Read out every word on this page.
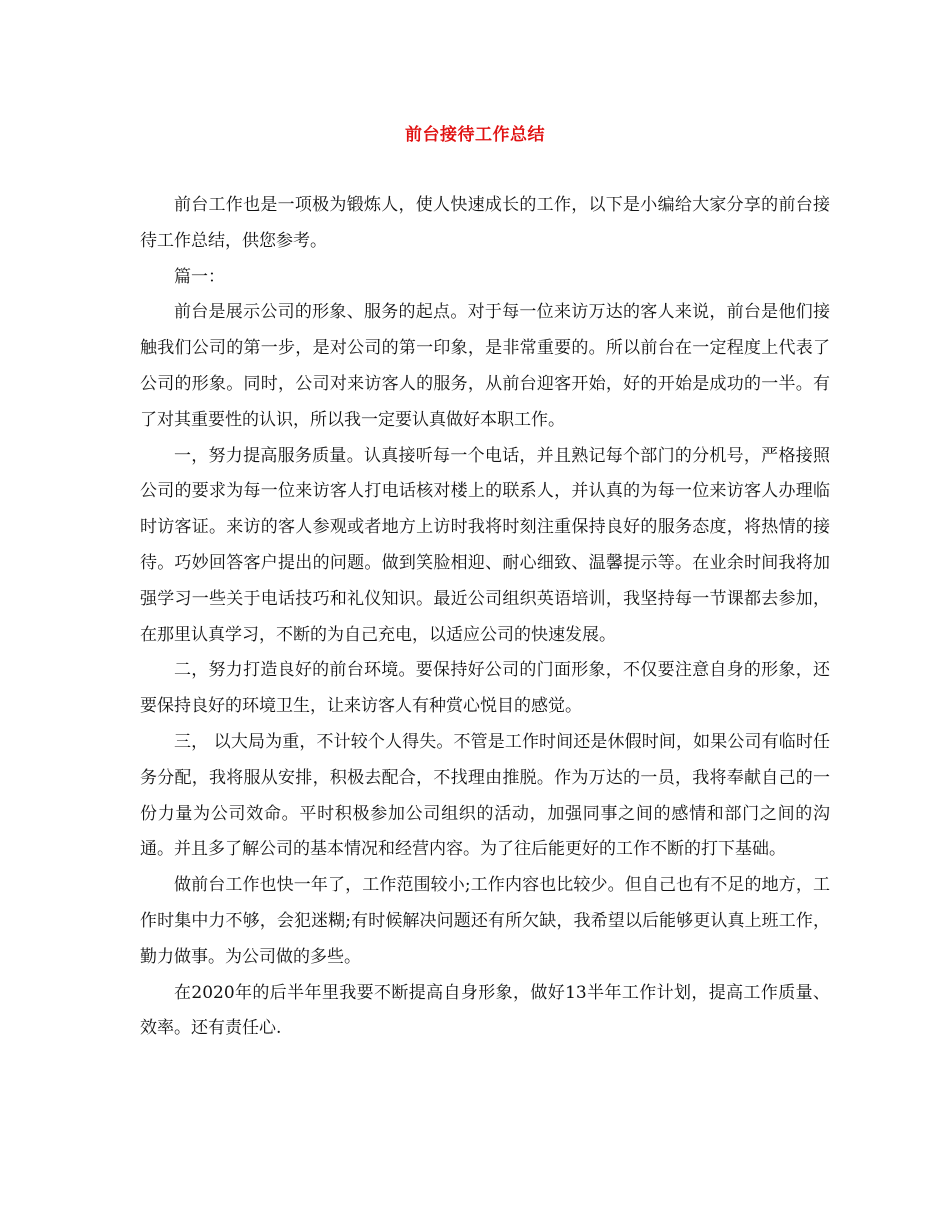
前台接待工作总结

前台工作也是一项极为锻炼人，使人快速成长的工作，以下是小编给大家分享的前台接待工作总结，供您参考。

篇一：

前台是展示公司的形象、服务的起点。对于每一位来访万达的客人来说，前台是他们接触我们公司的第一步，是对公司的第一印象，是非常重要的。所以前台在一定程度上代表了公司的形象。同时，公司对来访客人的服务，从前台迎客开始，好的开始是成功的一半。有了对其重要性的认识，所以我一定要认真做好本职工作。

一，努力提高服务质量。认真接听每一个电话，并且熟记每个部门的分机号，严格接照公司的要求为每一位来访客人打电话核对楼上的联系人，并认真的为每一位来访客人办理临时访客证。来访的客人参观或者地方上访时我将时刻注重保持良好的服务态度，将热情的接待。巧妙回答客户提出的问题。做到笑脸相迎、耐心细致、温馨提示等。在业余时间我将加强学习一些关于电话技巧和礼仪知识。最近公司组织英语培训，我坚持每一节课都去参加，在那里认真学习，不断的为自己充电，以适应公司的快速发展。

二，努力打造良好的前台环境。要保持好公司的门面形象，不仅要注意自身的形象，还要保持良好的环境卫生，让来访客人有种赏心悦目的感觉。

三， 以大局为重，不计较个人得失。不管是工作时间还是休假时间，如果公司有临时任务分配，我将服从安排，积极去配合，不找理由推脱。作为万达的一员，我将奉献自己的一份力量为公司效命。平时积极参加公司组织的活动，加强同事之间的感情和部门之间的沟通。并且多了解公司的基本情况和经营内容。为了往后能更好的工作不断的打下基础。

做前台工作也快一年了，工作范围较小;工作内容也比较少。但自己也有不足的地方，工作时集中力不够，会犯迷糊;有时候解决问题还有所欠缺，我希望以后能够更认真上班工作，勤力做事。为公司做的多些。

在2020年的后半年里我要不断提高自身形象，做好13半年工作计划，提高工作质量、效率。还有责任心.
